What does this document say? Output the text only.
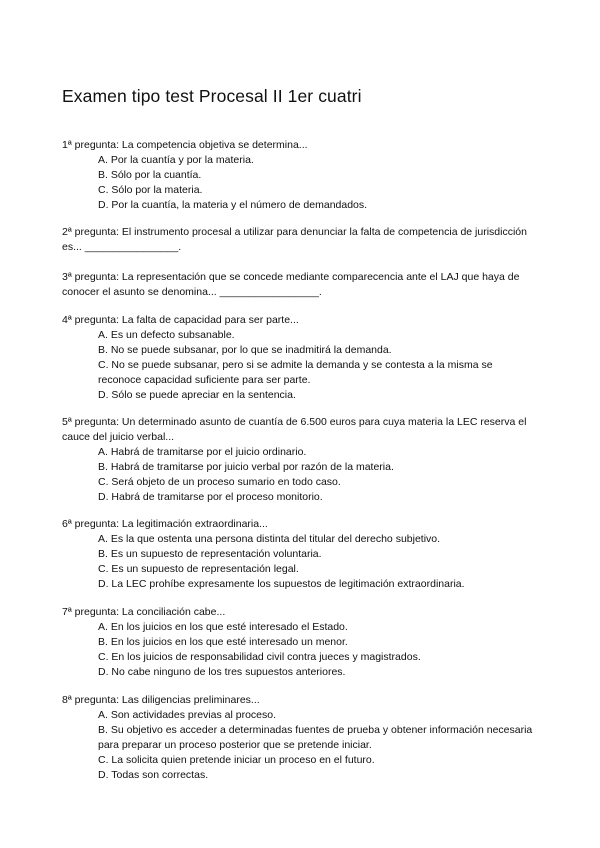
Examen tipo test Procesal II 1er cuatri

1ª pregunta: La competencia objetiva se determina...

A. Por la cuantía y por la materia.
B. Sólo por la cuantía.
C. Sólo por la materia.
D. Por la cuantía, la materia y el número de demandados.

2ª pregunta: El instrumento procesal a utilizar para denunciar la falta de competencia de jurisdicción es... ________________.

3ª pregunta: La representación que se concede mediante comparecencia ante el LAJ que haya de conocer el asunto se denomina... _________________.

4ª pregunta: La falta de capacidad para ser parte...

A. Es un defecto subsanable.
B. No se puede subsanar, por lo que se inadmitirá la demanda.
C. No se puede subsanar, pero si se admite la demanda y se contesta a la misma se reconoce capacidad suficiente para ser parte.
D. Sólo se puede apreciar en la sentencia.

5ª pregunta: Un determinado asunto de cuantía de 6.500 euros para cuya materia la LEC reserva el cauce del juicio verbal...

A. Habrá de tramitarse por el juicio ordinario.
B. Habrá de tramitarse por juicio verbal por razón de la materia.
C. Será objeto de un proceso sumario en todo caso.
D. Habrá de tramitarse por el proceso monitorio.

6ª pregunta: La legitimación extraordinaria...

A. Es la que ostenta una persona distinta del titular del derecho subjetivo.
B. Es un supuesto de representación voluntaria.
C. Es un supuesto de representación legal.
D. La LEC prohíbe expresamente los supuestos de legitimación extraordinaria.

7ª pregunta: La conciliación cabe...

A. En los juicios en los que esté interesado el Estado.
B. En los juicios en los que esté interesado un menor.
C. En los juicios de responsabilidad civil contra jueces y magistrados.
D. No cabe ninguno de los tres supuestos anteriores.

8ª pregunta: Las diligencias preliminares...

A. Son actividades previas al proceso.
B. Su objetivo es acceder a determinadas fuentes de prueba y obtener información necesaria para preparar un proceso posterior que se pretende iniciar.
C. La solicita quien pretende iniciar un proceso en el futuro.
D. Todas son correctas.
